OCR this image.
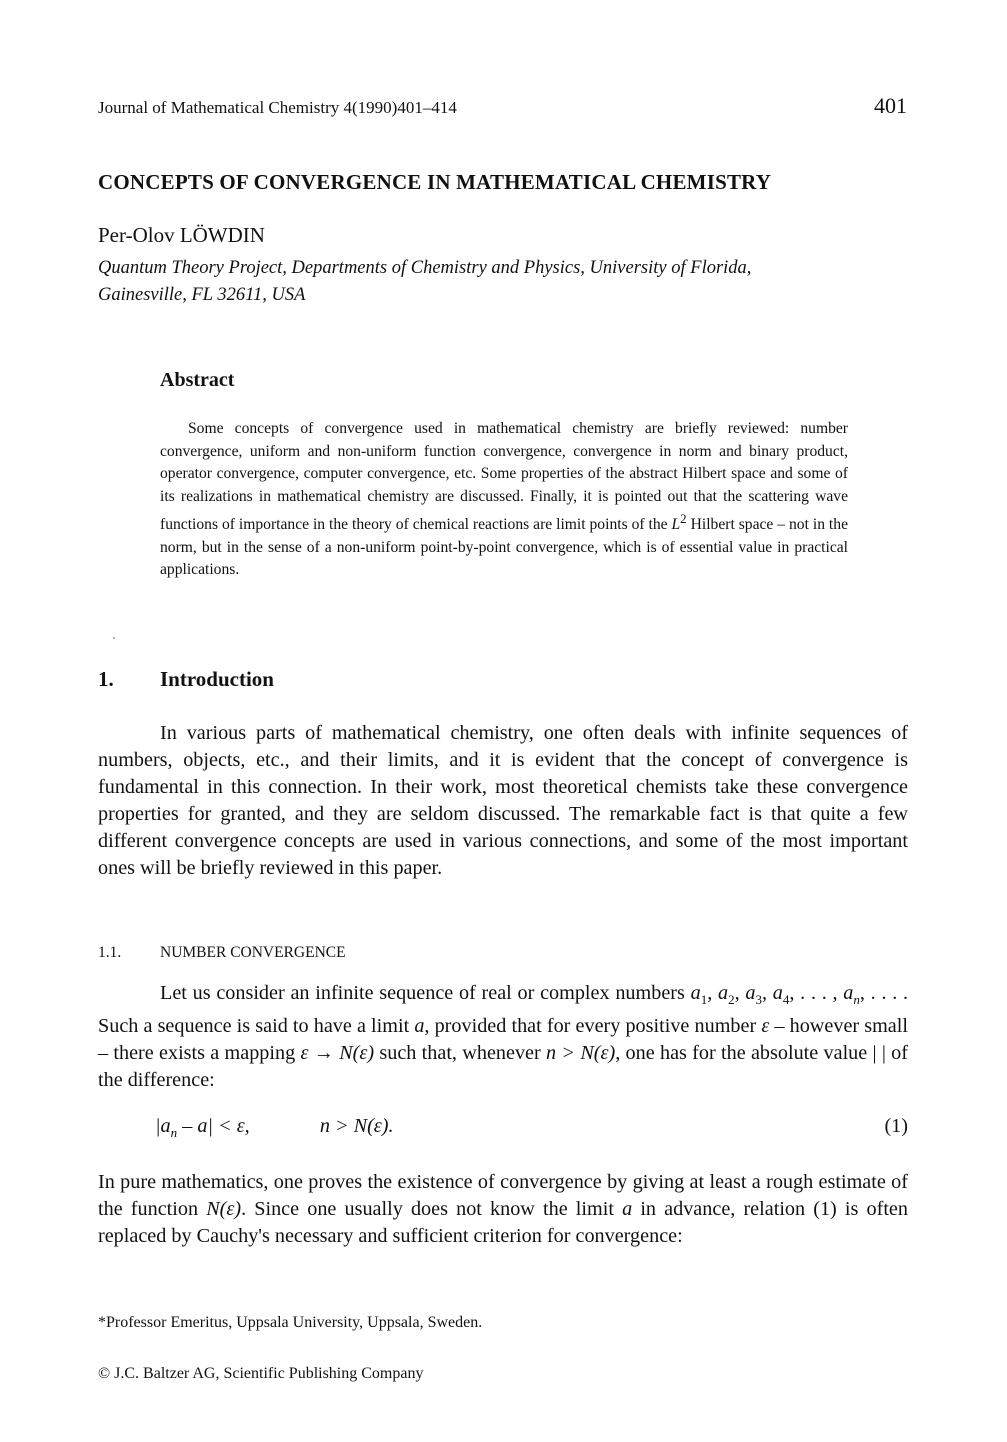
Journal of Mathematical Chemistry 4(1990)401–414	401
CONCEPTS OF CONVERGENCE IN MATHEMATICAL CHEMISTRY
Per-Olov LÖWDIN
Quantum Theory Project, Departments of Chemistry and Physics, University of Florida,
Gainesville, FL 32611, USA
Abstract

Some concepts of convergence used in mathematical chemistry are briefly reviewed: number convergence, uniform and non-uniform function convergence, convergence in norm and binary product, operator convergence, computer convergence, etc. Some properties of the abstract Hilbert space and some of its realizations in mathematical chemistry are discussed. Finally, it is pointed out that the scattering wave functions of importance in the theory of chemical reactions are limit points of the $L^2$ Hilbert space – not in the norm, but in the sense of a non-uniform point-by-point convergence, which is of essential value in practical applications.

1. Introduction

In various parts of mathematical chemistry, one often deals with infinite sequences of numbers, objects, etc., and their limits, and it is evident that the concept of convergence is fundamental in this connection. In their work, most theoretical chemists take these convergence properties for granted, and they are seldom discussed. The remarkable fact is that quite a few different convergence concepts are used in various connections, and some of the most important ones will be briefly reviewed in this paper.

1.1.	NUMBER CONVERGENCE

Let us consider an infinite sequence of real or complex numbers $a_1$, $a_2$, $a_3$, $a_4$, . . . , $a_n$, . . . . Such a sequence is said to have a limit a, provided that for every positive number ε – however small – there exists a mapping ε → N(ε) such that, whenever n > N(ε), one has for the absolute value | | of the difference:

$|a_n - a| < \varepsilon$,	n > N(ε).	(1)

In pure mathematics, one proves the existence of convergence by giving at least a rough estimate of the function N(ε). Since one usually does not know the limit a in advance, relation (1) is often replaced by Cauchy's necessary and sufficient criterion for convergence:

*Professor Emeritus, Uppsala University, Uppsala, Sweden.
© J.C. Baltzer AG, Scientific Publishing Company
